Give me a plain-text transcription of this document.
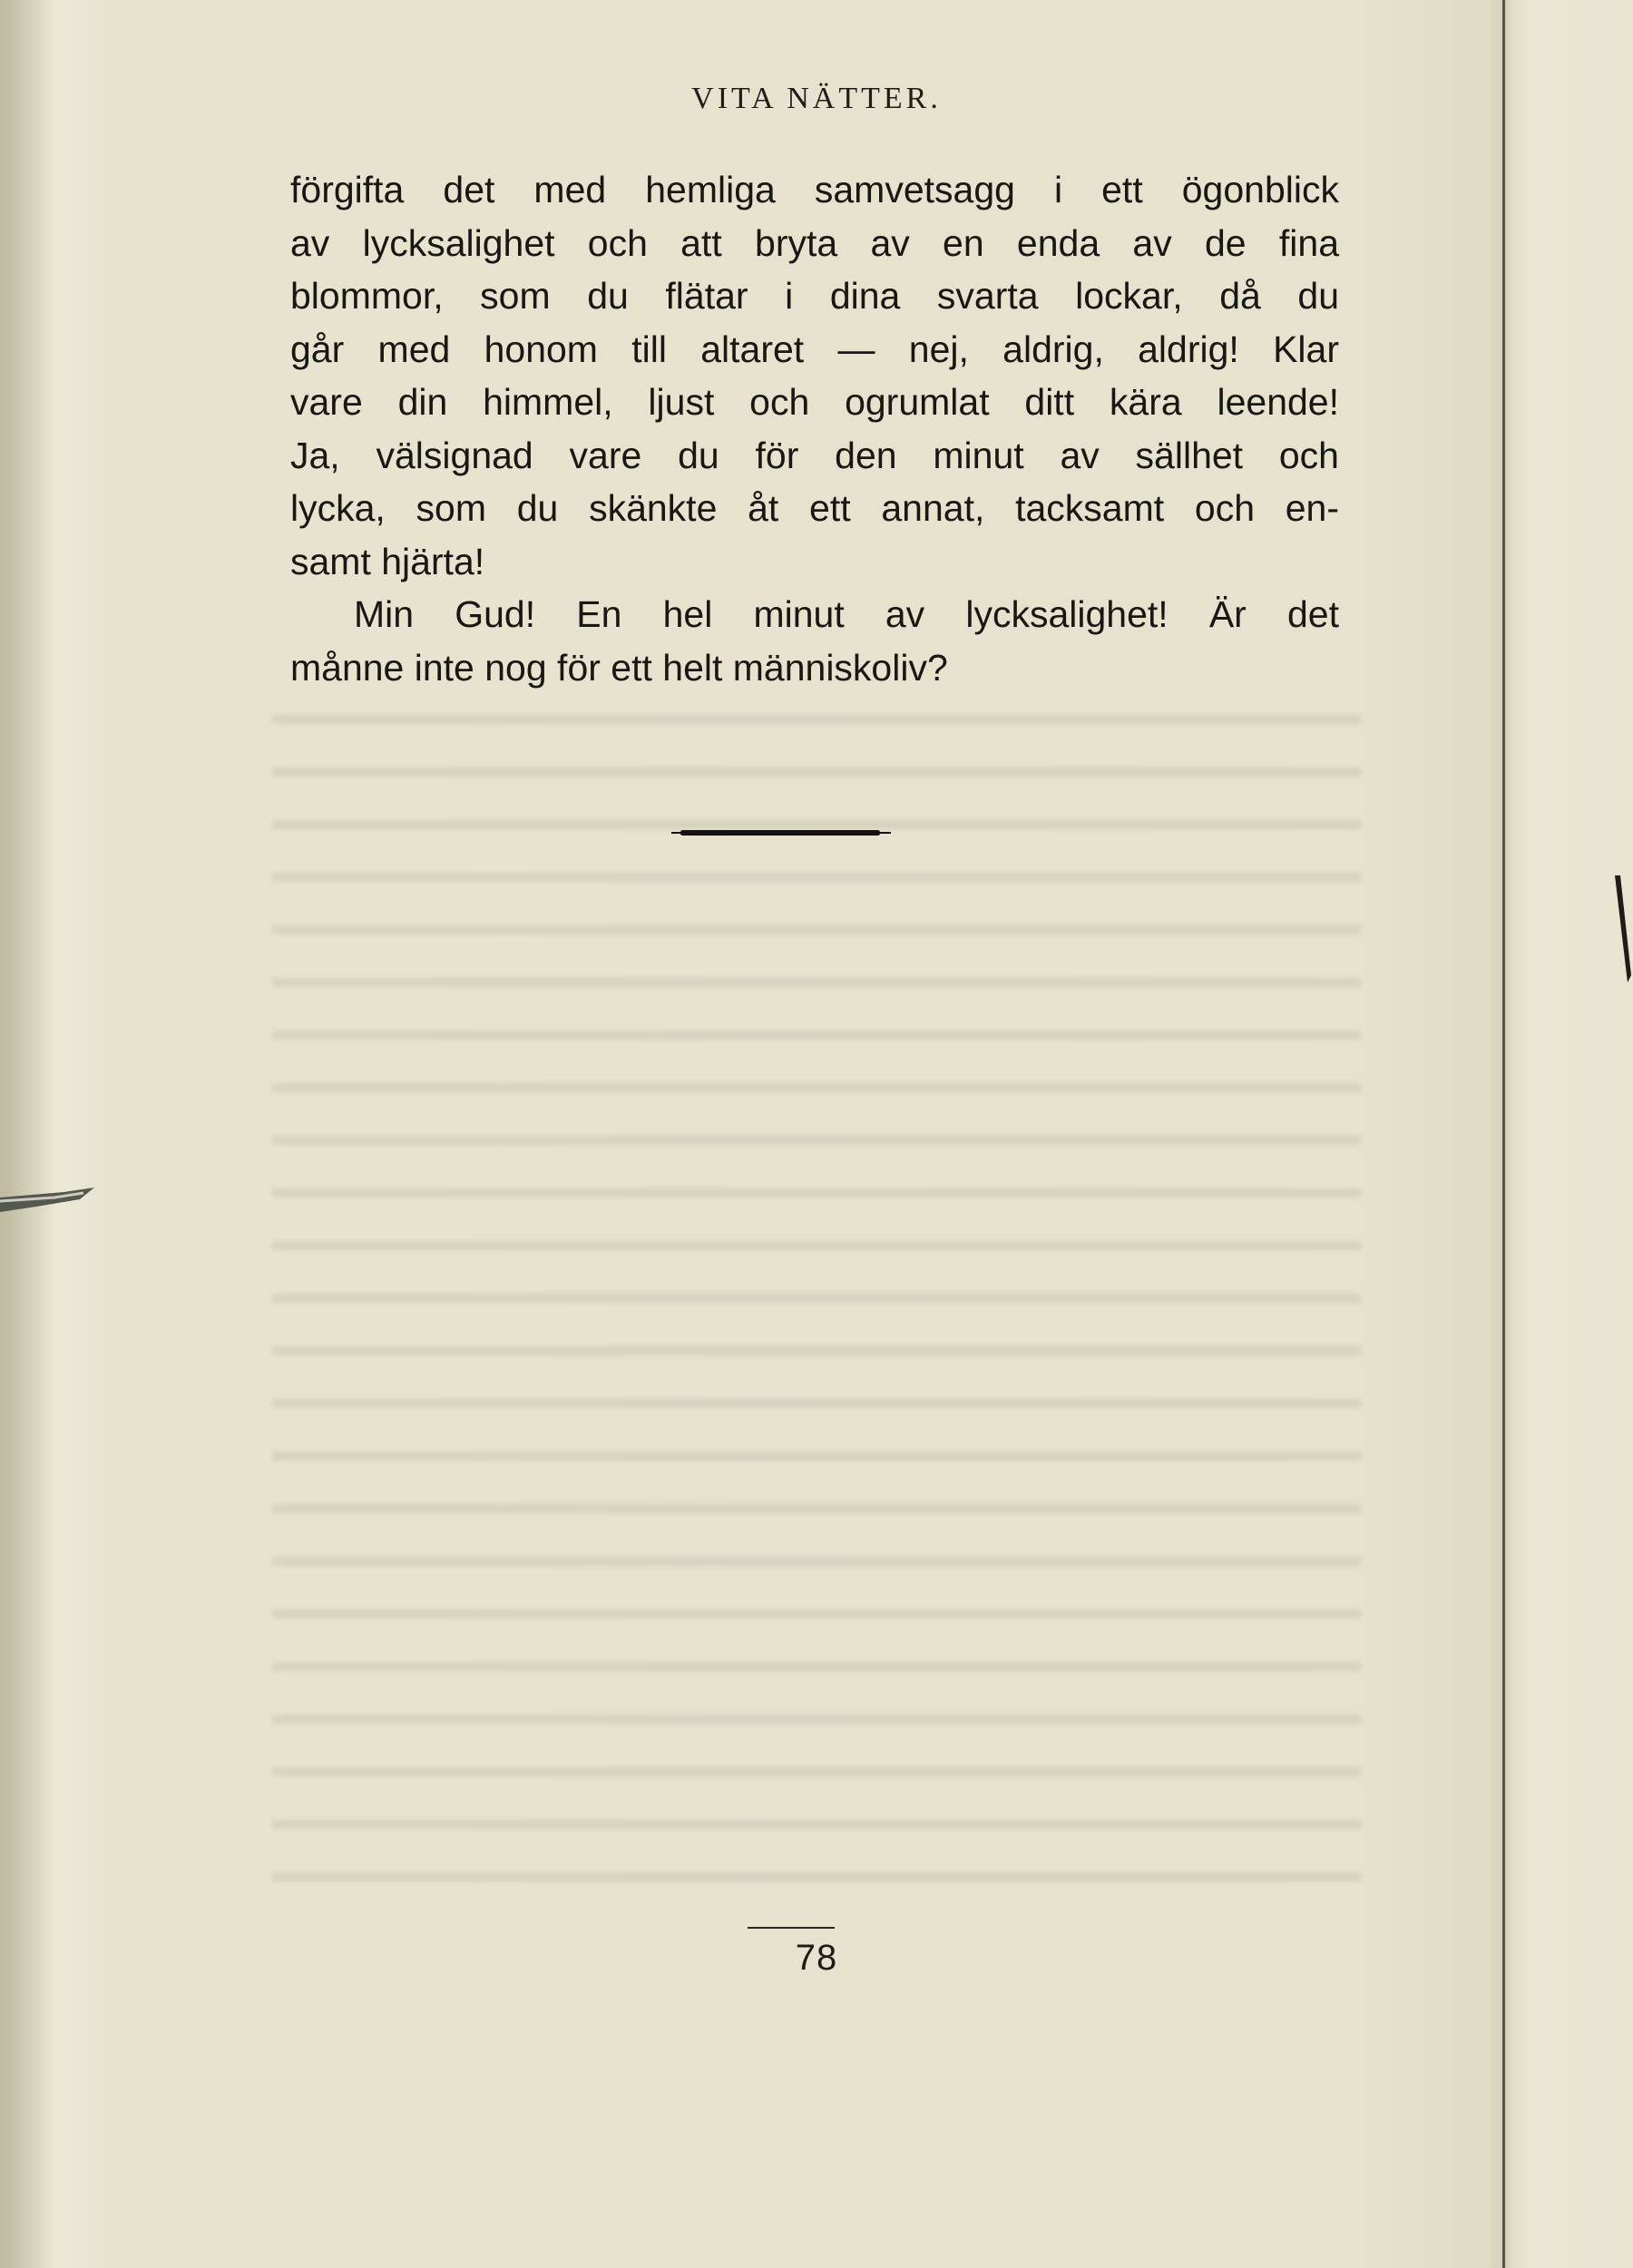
VITA NÄTTER.
förgifta det med hemliga samvetsagg i ett ögonblick
av lycksalighet och att bryta av en enda av de fina
blommor, som du flätar i dina svarta lockar, då du
går med honom till altaret — nej, aldrig, aldrig! Klar
vare din himmel, ljust och ogrumlat ditt kära leende!
Ja, välsignad vare du för den minut av sällhet och
lycka, som du skänkte åt ett annat, tacksamt och en-
samt hjärta!
Min Gud! En hel minut av lycksalighet! Är det
månne inte nog för ett helt människoliv?
78
